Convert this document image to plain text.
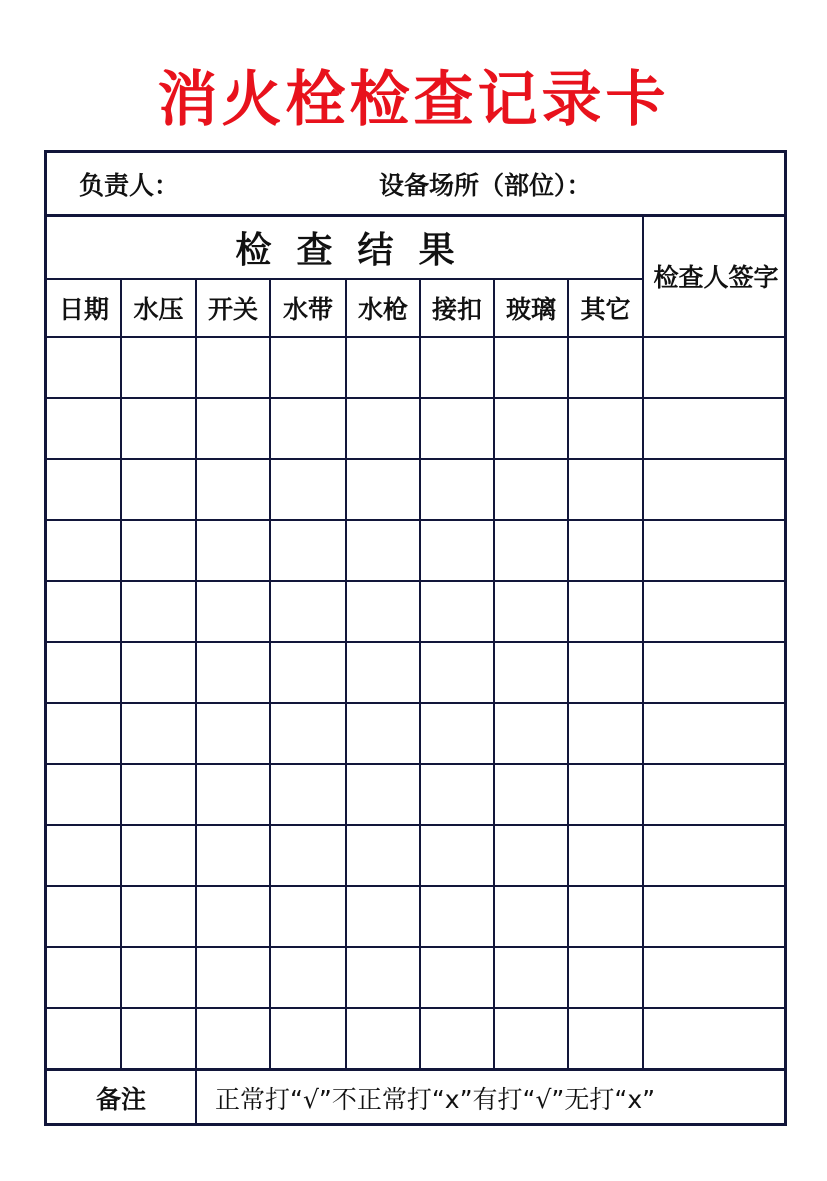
消火栓检查记录卡
负责人：	设备场所（部位）：
检  查  结  果
检查人签字
日期 水压 开关 水带 水枪 接扣 玻璃 其它
备注	正常打“√”不正常打“x”有打“√”无打“x”
